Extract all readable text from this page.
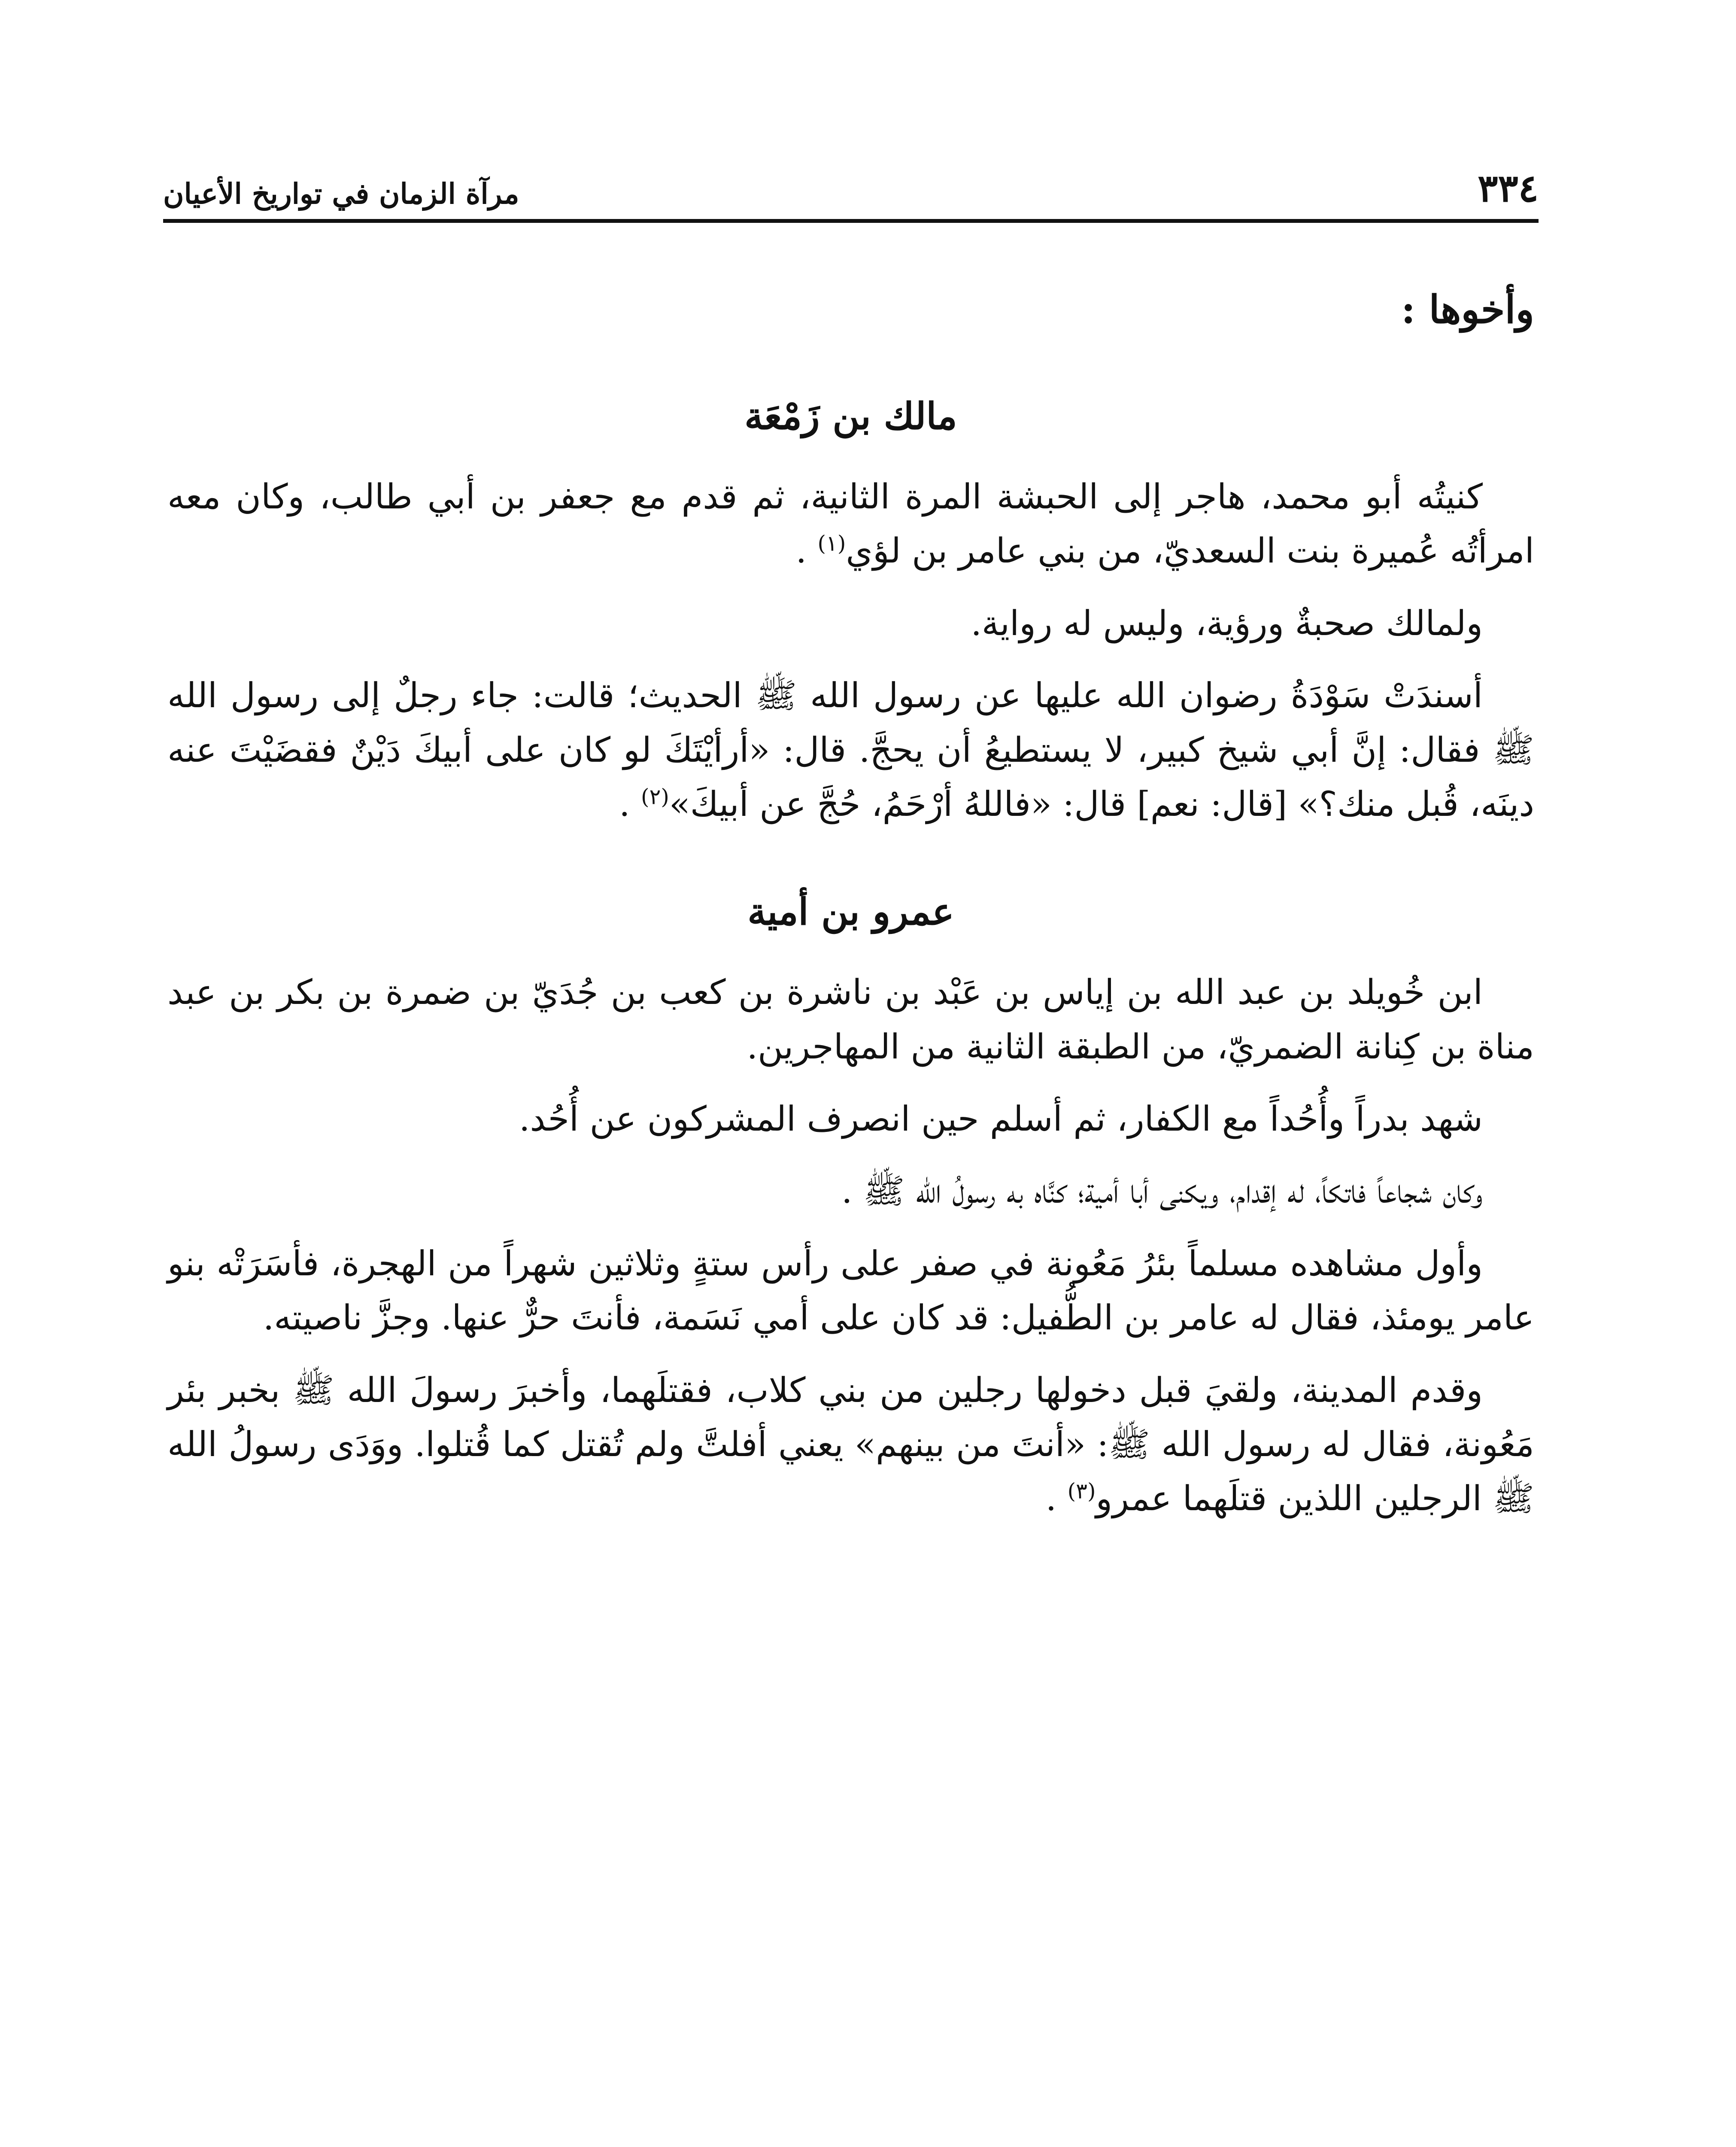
٣٣٤
مرآة الزمان في تواريخ الأعيان
وأخوها :
مالك بن زَمْعَة

كنيتُه أبو محمد، هاجر إلى الحبشة المرة الثانية، ثم قدم مع جعفر بن أبي طالب، وكان معه امرأتُه عُميرة بنت السعديّ، من بني عامر بن لؤي$^{(١)}$ .

ولمالك صحبةٌ ورؤية، وليس له رواية.

أسندَتْ سَوْدَةُ رضوان الله عليها عن رسول الله ﷺ الحديث؛ قالت: جاء رجلٌ إلى رسول الله ﷺ فقال: إنَّ أبي شيخ كبير، لا يستطيعُ أن يحجَّ. قال: «أرأيْتَكَ لو كان على أبيكَ دَيْنٌ فقضَيْتَ عنه دينَه، قُبل منك؟» [قال: نعم] قال: «فاللهُ أرْحَمُ، حُجَّ عن أبيكَ»$^{(٢)}$ .

عمرو بن أمية

ابن خُويلد بن عبد الله بن إياس بن عَبْد بن ناشرة بن كعب بن جُدَيّ بن ضمرة بن بكر بن عبد مناة بن كِنانة الضمريّ، من الطبقة الثانية من المهاجرين.

شهد بدراً وأُحُداً مع الكفار، ثم أسلم حين انصرف المشركون عن أُحُد.

وكان شجاعاً فاتكاً، له إقدام، ويكنى أبا أمية؛ كنَّاه به رسولُ الله ﷺ .

وأول مشاهده مسلماً بئرُ مَعُونة في صفر على رأس ستةٍ وثلاثين شهراً من الهجرة، فأسَرَتْه بنو عامر يومئذ، فقال له عامر بن الطُّفيل: قد كان على أمي نَسَمة، فأنتَ حرٌّ عنها. وجزَّ ناصيته.

وقدم المدينة، ولقيَ قبل دخولها رجلين من بني كلاب، فقتلَهما، وأخبرَ رسولَ الله ﷺ بخبر بئر مَعُونة، فقال له رسول الله ﷺ: «أنتَ من بينهم» يعني أفلتَّ ولم تُقتل كما قُتلوا. ووَدَى رسولُ الله ﷺ الرجلين اللذين قتلَهما عمرو$^{(٣)}$ .
